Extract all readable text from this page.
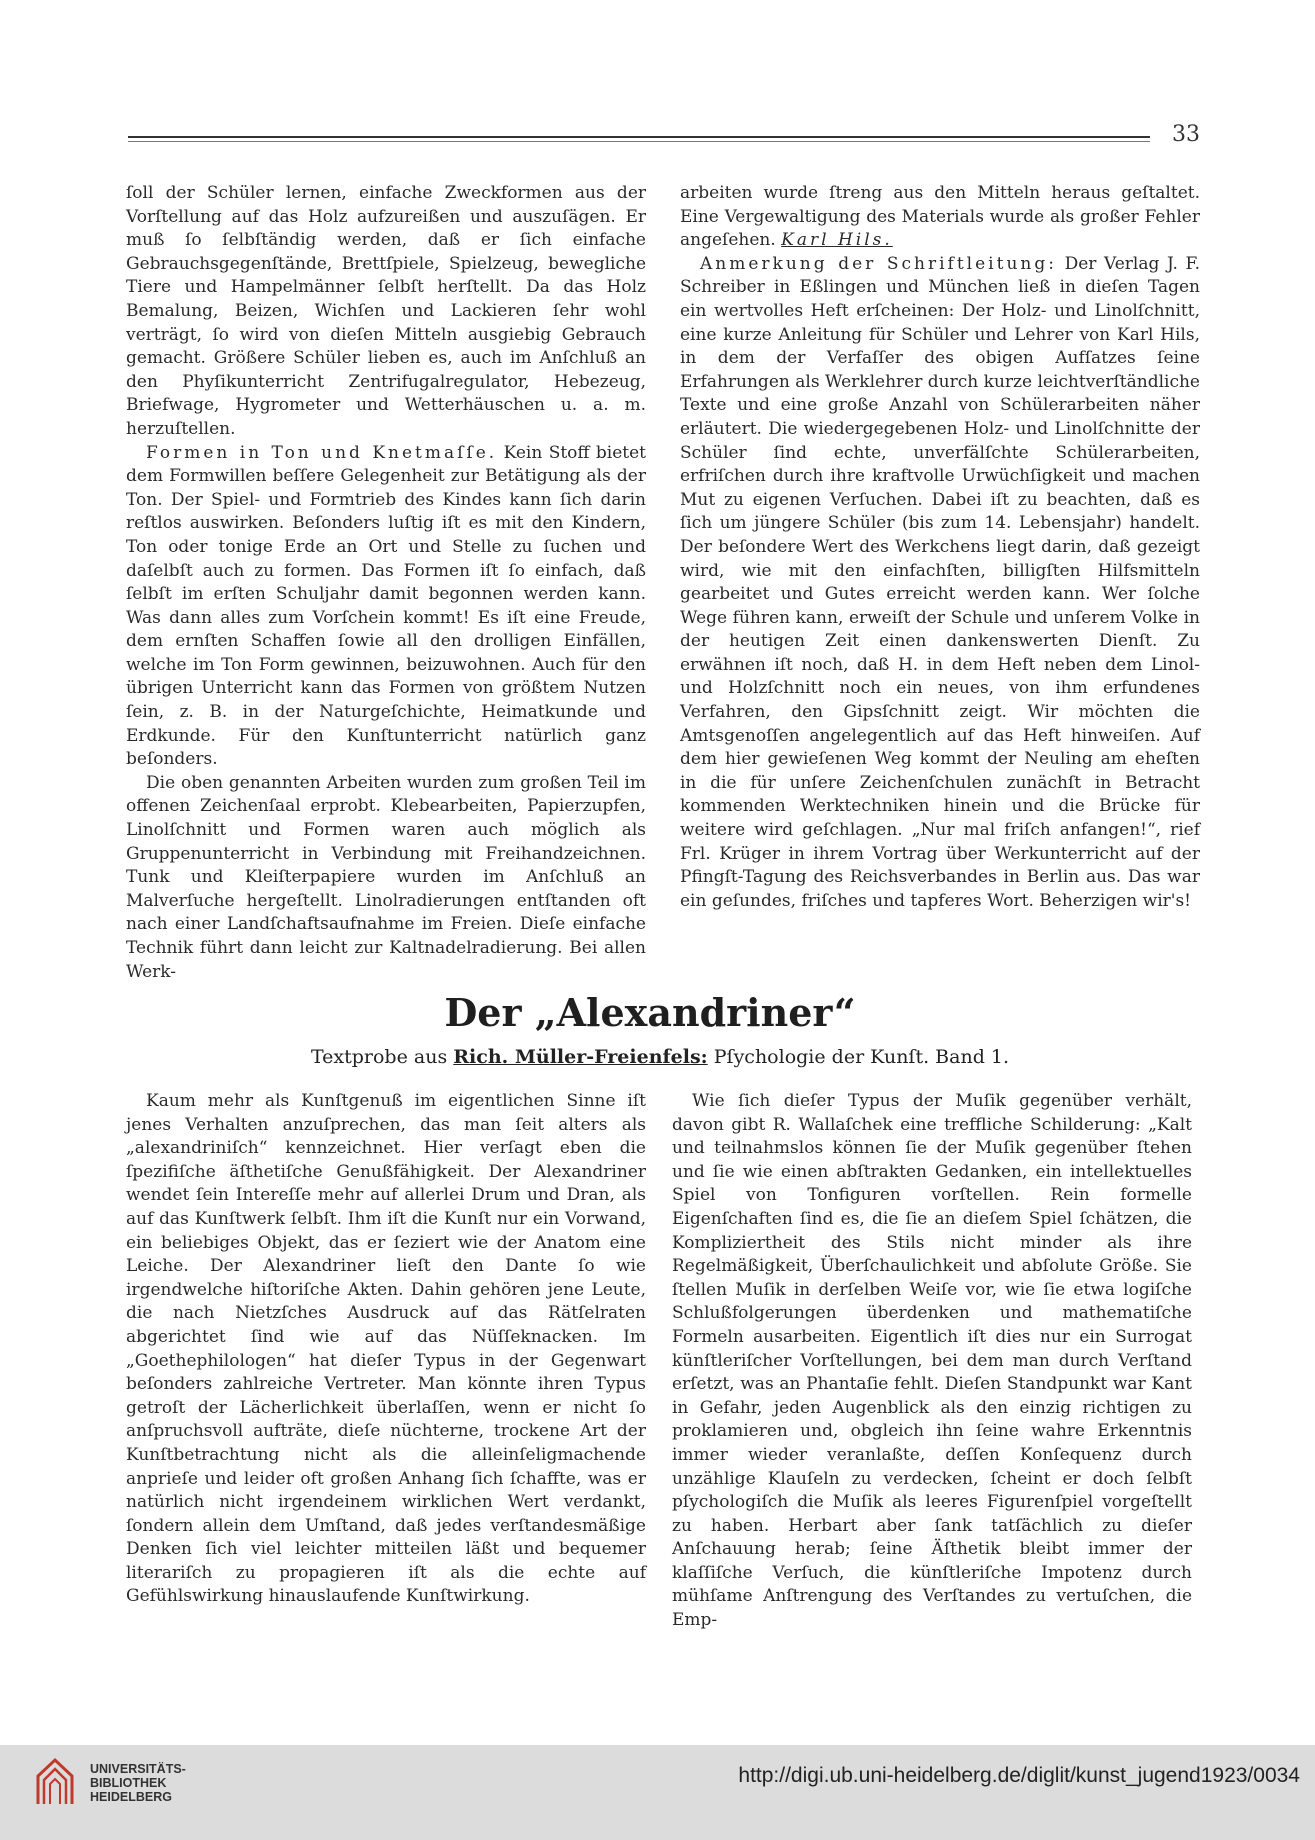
33

ſoll der Schüler lernen, einfache Zweckformen aus der Vorſtellung auf das Holz aufzureißen und auszuſägen. Er muß ſo ſelbſtändig werden, daß er ſich einfache Gebrauchsgegenſtände, Brettſpiele, Spielzeug, bewegliche Tiere und Hampelmänner ſelbſt herſtellt. Da das Holz Bemalung, Beizen, Wichſen und Lackieren ſehr wohl verträgt, ſo wird von dieſen Mitteln ausgiebig Gebrauch gemacht. Größere Schüler lieben es, auch im Anſchluß an den Phyſikunterricht Zentrifugalregulator, Hebezeug, Briefwage, Hygrometer und Wetterhäuschen u. a. m. herzuſtellen.

Formen in Ton und Knetmaſſe. Kein Stoff bietet dem Formwillen beſſere Gelegenheit zur Betätigung als der Ton. Der Spiel- und Formtrieb des Kindes kann ſich darin reſtlos auswirken. Beſonders luſtig iſt es mit den Kindern, Ton oder tonige Erde an Ort und Stelle zu ſuchen und daſelbſt auch zu formen. Das Formen iſt ſo einfach, daß ſelbſt im erſten Schuljahr damit begonnen werden kann. Was dann alles zum Vorſchein kommt! Es iſt eine Freude, dem ernſten Schaffen ſowie all den drolligen Einfällen, welche im Ton Form gewinnen, beizuwohnen. Auch für den übrigen Unterricht kann das Formen von größtem Nutzen ſein, z. B. in der Naturgeſchichte, Heimatkunde und Erdkunde. Für den Kunſtunterricht natürlich ganz beſonders.

Die oben genannten Arbeiten wurden zum großen Teil im offenen Zeichenſaal erprobt. Klebearbeiten, Papierzupfen, Linolſchnitt und Formen waren auch möglich als Gruppenunterricht in Verbindung mit Freihandzeichnen. Tunk und Kleiſterpapiere wurden im Anſchluß an Malverſuche hergeſtellt. Linolradierungen entſtanden oft nach einer Landſchaftsaufnahme im Freien. Dieſe einfache Technik führt dann leicht zur Kaltnadelradierung. Bei allen Werk-

arbeiten wurde ſtreng aus den Mitteln heraus geſtaltet. Eine Vergewaltigung des Materials wurde als großer Fehler angeſehen. Karl Hils.

Anmerkung der Schriftleitung: Der Verlag J. F. Schreiber in Eßlingen und München ließ in dieſen Tagen ein wertvolles Heft erſcheinen: Der Holz- und Linolſchnitt, eine kurze Anleitung für Schüler und Lehrer von Karl Hils, in dem der Verfaſſer des obigen Aufſatzes ſeine Erfahrungen als Werklehrer durch kurze leichtverſtändliche Texte und eine große Anzahl von Schülerarbeiten näher erläutert. Die wiedergegebenen Holz- und Linolſchnitte der Schüler ſind echte, unverfälſchte Schülerarbeiten, erfriſchen durch ihre kraftvolle Urwüchſigkeit und machen Mut zu eigenen Verſuchen. Dabei iſt zu beachten, daß es ſich um jüngere Schüler (bis zum 14. Lebensjahr) handelt. Der beſondere Wert des Werkchens liegt darin, daß gezeigt wird, wie mit den einfachſten, billigſten Hilfsmitteln gearbeitet und Gutes erreicht werden kann. Wer ſolche Wege führen kann, erweiſt der Schule und unſerem Volke in der heutigen Zeit einen dankenswerten Dienſt. Zu erwähnen iſt noch, daß H. in dem Heft neben dem Linol- und Holzſchnitt noch ein neues, von ihm erfundenes Verfahren, den Gipsſchnitt zeigt. Wir möchten die Amtsgenoſſen angelegentlich auf das Heft hinweiſen. Auf dem hier gewieſenen Weg kommt der Neuling am eheſten in die für unſere Zeichenſchulen zunächſt in Betracht kommenden Werktechniken hinein und die Brücke für weitere wird geſchlagen. „Nur mal friſch anfangen!“, rief Frl. Krüger in ihrem Vortrag über Werkunterricht auf der Pfingſt-Tagung des Reichsverbandes in Berlin aus. Das war ein geſundes, friſches und tapferes Wort. Beherzigen wir's!

Der „Alexandriner“
Textprobe aus Rich. Müller-Freienfels: Pſychologie der Kunſt. Band 1.

Kaum mehr als Kunſtgenuß im eigentlichen Sinne iſt jenes Verhalten anzuſprechen, das man ſeit alters als „alexandriniſch“ kennzeichnet. Hier verſagt eben die ſpezifiſche äſthetiſche Genußfähigkeit. Der Alexandriner wendet ſein Intereſſe mehr auf allerlei Drum und Dran, als auf das Kunſtwerk ſelbſt. Ihm iſt die Kunſt nur ein Vorwand, ein beliebiges Objekt, das er ſeziert wie der Anatom eine Leiche. Der Alexandriner lieſt den Dante ſo wie irgendwelche hiſtoriſche Akten. Dahin gehören jene Leute, die nach Nietzſches Ausdruck auf das Rätſelraten abgerichtet ſind wie auf das Nüſſeknacken. Im „Goethephilologen“ hat dieſer Typus in der Gegenwart beſonders zahlreiche Vertreter. Man könnte ihren Typus getroſt der Lächerlichkeit überlaſſen, wenn er nicht ſo anſpruchsvoll aufträte, dieſe nüchterne, trockene Art der Kunſtbetrachtung nicht als die alleinſeligmachende anprieſe und leider oft großen Anhang ſich ſchaffte, was er natürlich nicht irgendeinem wirklichen Wert verdankt, ſondern allein dem Umſtand, daß jedes verſtandesmäßige Denken ſich viel leichter mitteilen läßt und bequemer literariſch zu propagieren iſt als die echte auf Gefühlswirkung hinauslaufende Kunſtwirkung.

Wie ſich dieſer Typus der Muſik gegenüber verhält, davon gibt R. Wallaſchek eine treffliche Schilderung: „Kalt und teilnahmslos können ſie der Muſik gegenüber ſtehen und ſie wie einen abſtrakten Gedanken, ein intellektuelles Spiel von Tonfiguren vorſtellen. Rein formelle Eigenſchaften ſind es, die ſie an dieſem Spiel ſchätzen, die Kompliziertheit des Stils nicht minder als ihre Regelmäßigkeit, Überſchaulichkeit und abſolute Größe. Sie ſtellen Muſik in derſelben Weiſe vor, wie ſie etwa logiſche Schlußfolgerungen überdenken und mathematiſche Formeln ausarbeiten. Eigentlich iſt dies nur ein Surrogat künſtleriſcher Vorſtellungen, bei dem man durch Verſtand erſetzt, was an Phantaſie fehlt. Dieſen Standpunkt war Kant in Gefahr, jeden Augenblick als den einzig richtigen zu proklamieren und, obgleich ihn ſeine wahre Erkenntnis immer wieder veranlaßte, deſſen Konſequenz durch unzählige Klauſeln zu verdecken, ſcheint er doch ſelbſt pſychologiſch die Muſik als leeres Figurenſpiel vorgeſtellt zu haben. Herbart aber ſank tatſächlich zu dieſer Anſchauung herab; ſeine Äſthetik bleibt immer der klaſſiſche Verſuch, die künſtleriſche Impotenz durch mühſame Anſtrengung des Verſtandes zu vertuſchen, die Emp-

UNIVERSITÄTS-
BIBLIOTHEK
HEIDELBERG
http://digi.ub.uni-heidelberg.de/diglit/kunst_jugend1923/0034
